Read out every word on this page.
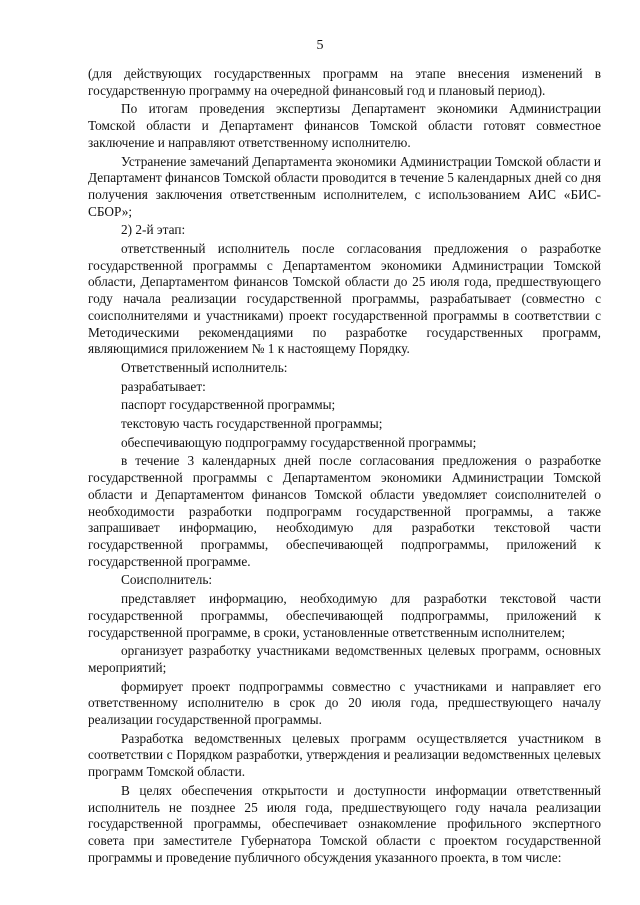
5

(для действующих государственных программ на этапе внесения изменений в государственную программу на очередной финансовый год и плановый период).

По итогам проведения экспертизы Департамент экономики Администрации Томской области и Департамент финансов Томской области готовят совместное заключение и направляют ответственному исполнителю.

Устранение замечаний Департамента экономики Администрации Томской области и Департамент финансов Томской области проводится в течение 5 календарных дней со дня получения заключения ответственным исполнителем, с использованием АИС «БИС-СБОР»;

2) 2-й этап:

ответственный исполнитель после согласования предложения о разработке государственной программы с Департаментом экономики Администрации Томской области, Департаментом финансов Томской области до 25 июля года, предшествующего году начала реализации государственной программы, разрабатывает (совместно с соисполнителями и участниками) проект государственной программы в соответствии с Методическими рекомендациями по разработке государственных программ, являющимися приложением № 1 к настоящему Порядку.

Ответственный исполнитель:

разрабатывает:

паспорт государственной программы;

текстовую часть государственной программы;

обеспечивающую подпрограмму государственной программы;

в течение 3 календарных дней после согласования предложения о разработке государственной программы с Департаментом экономики Администрации Томской области и Департаментом финансов Томской области уведомляет соисполнителей о необходимости разработки подпрограмм государственной программы, а также запрашивает информацию, необходимую для разработки текстовой части государственной программы, обеспечивающей подпрограммы, приложений к государственной программе.

Соисполнитель:

представляет информацию, необходимую для разработки текстовой части государственной программы, обеспечивающей подпрограммы, приложений к государственной программе, в сроки, установленные ответственным исполнителем;

организует разработку участниками ведомственных целевых программ, основных мероприятий;

формирует проект подпрограммы совместно с участниками и направляет его ответственному исполнителю в срок до 20 июля года, предшествующего началу реализации государственной программы.

Разработка ведомственных целевых программ осуществляется участником в соответствии с Порядком разработки, утверждения и реализации ведомственных целевых программ Томской области.

В целях обеспечения открытости и доступности информации ответственный исполнитель не позднее 25 июля года, предшествующего году начала реализации государственной программы, обеспечивает ознакомление профильного экспертного совета при заместителе Губернатора Томской области с проектом государственной программы и проведение публичного обсуждения указанного проекта, в том числе:
